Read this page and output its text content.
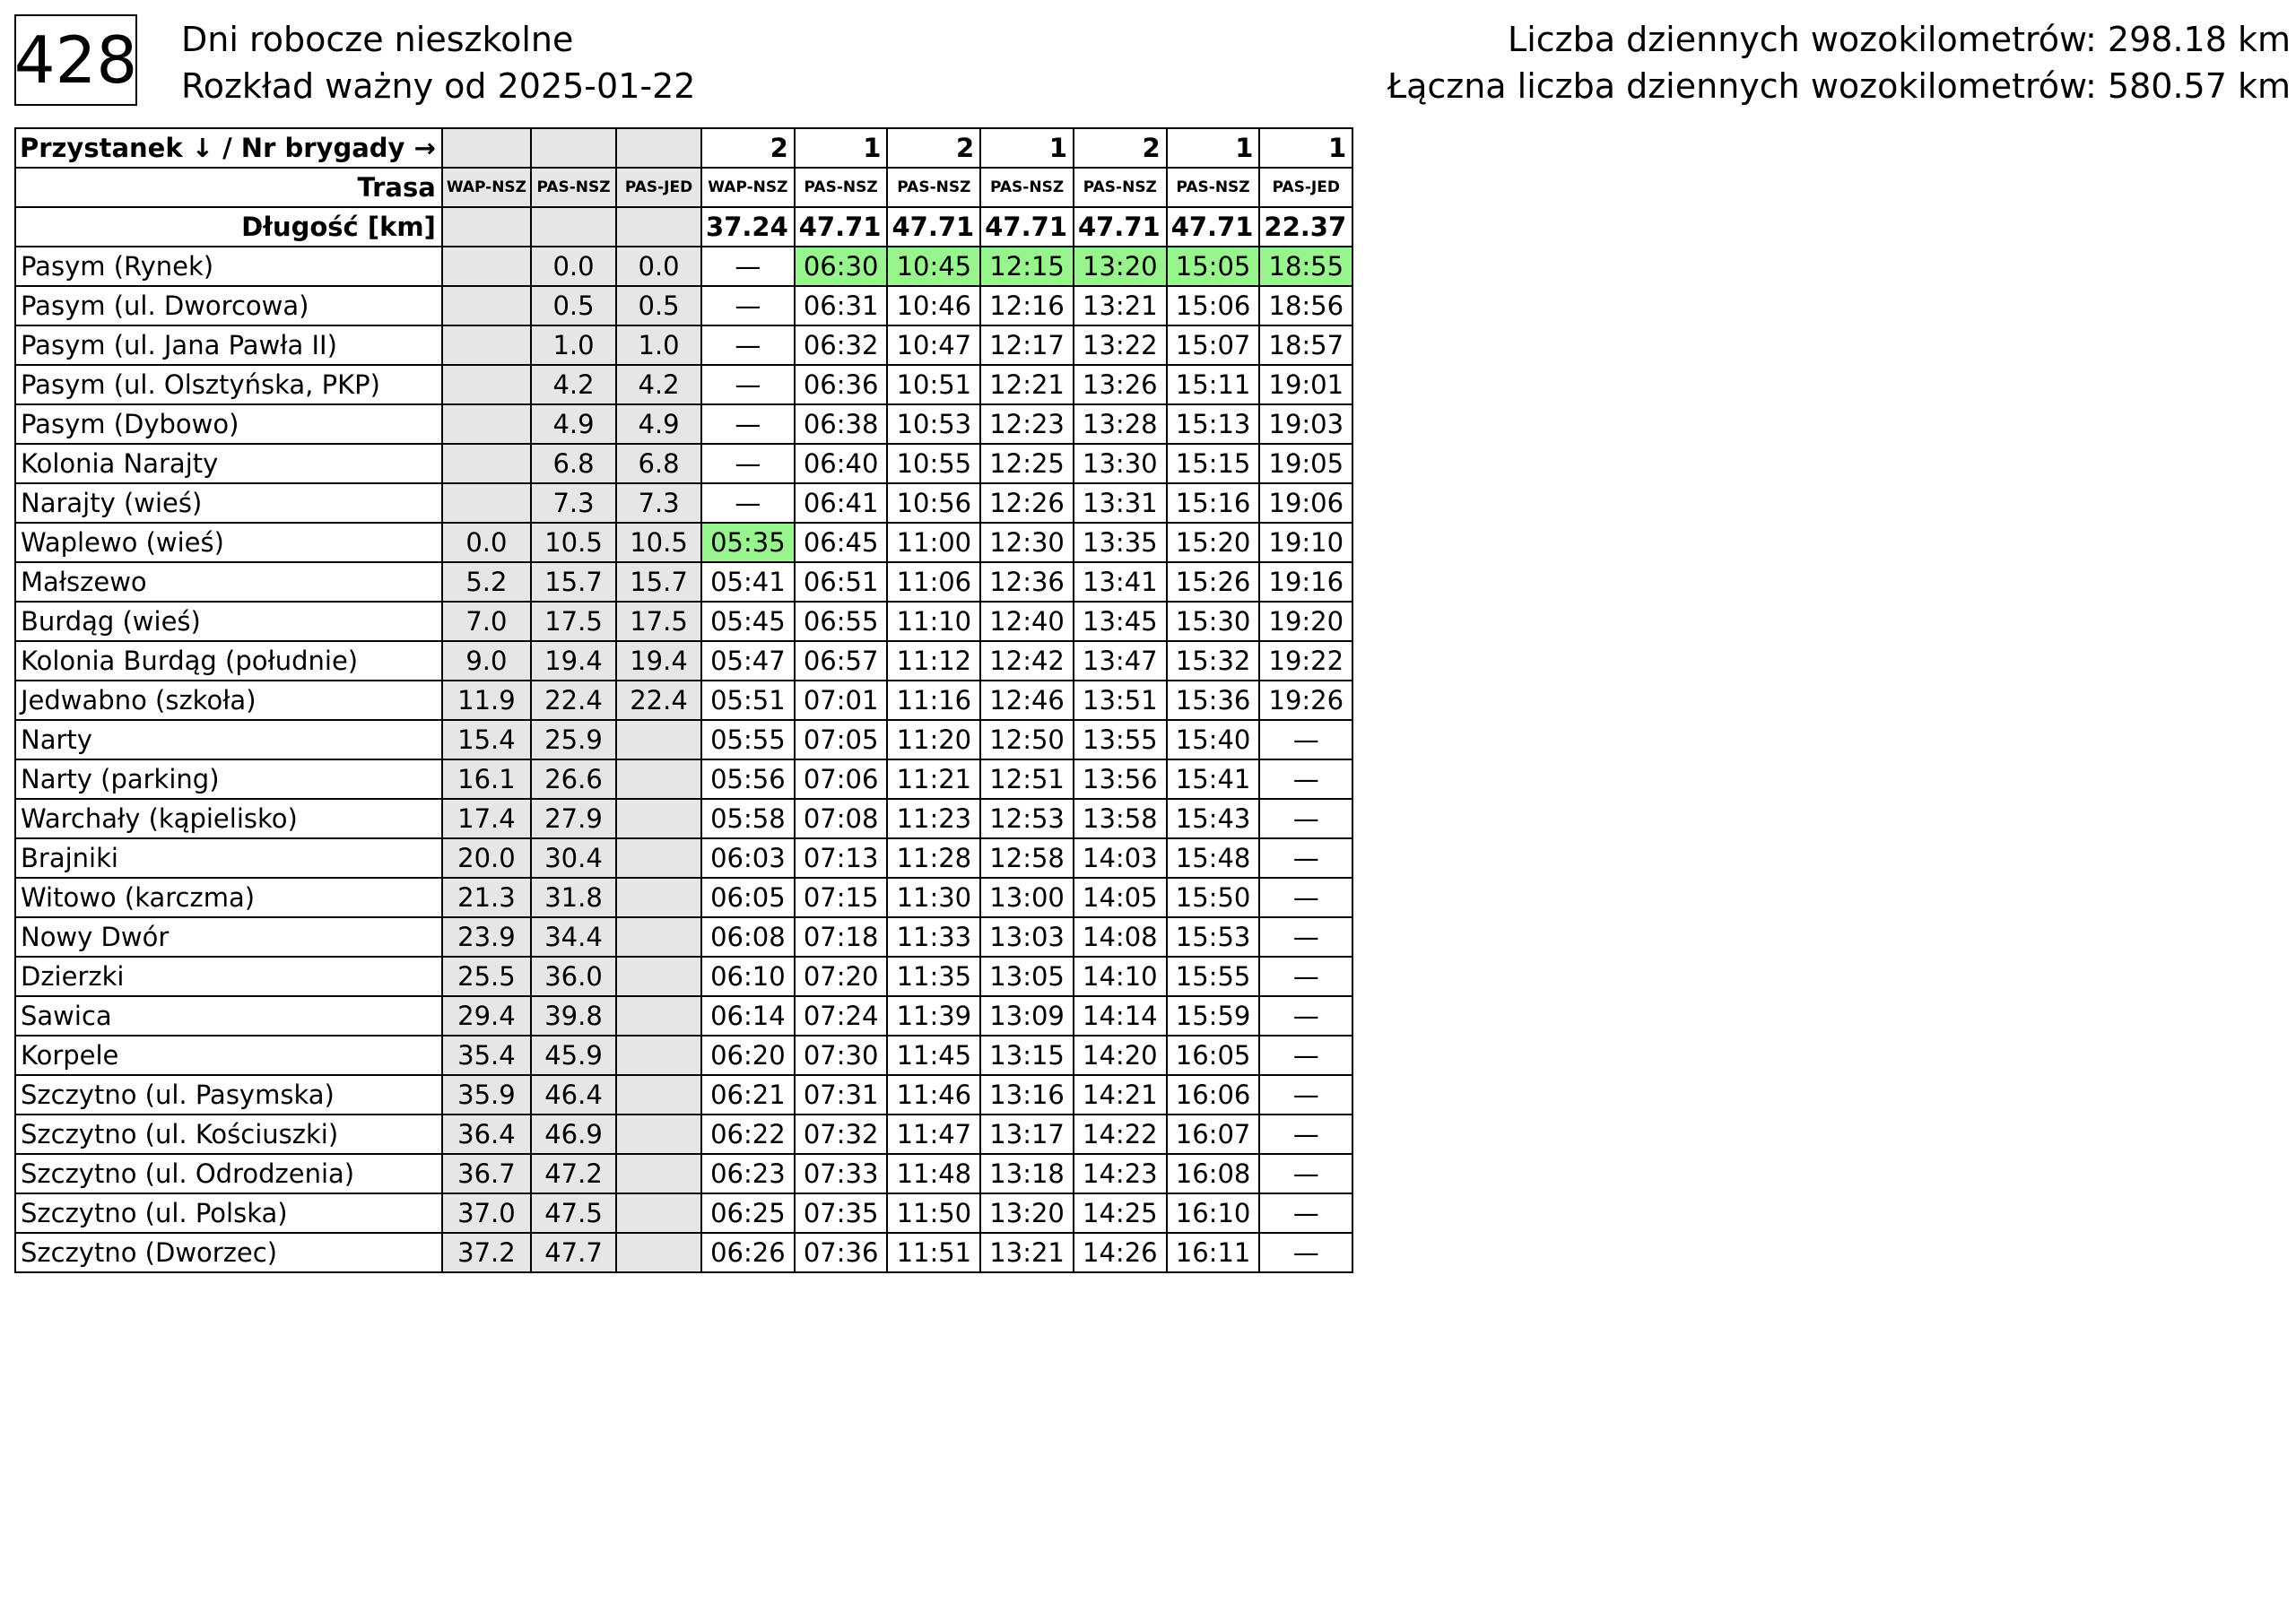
428 Dni robocze nieszkolne
Rozkład ważny od 2025-01-22
Liczba dziennych wozokilometrów: 298.18 km
Łączna liczba dziennych wozokilometrów: 580.57 km
Przystanek ↓ / Nr brygady →				2	1	2	1	2	1	1
Trasa	WAP-NSZ	PAS-NSZ	PAS-JED	WAP-NSZ	PAS-NSZ	PAS-NSZ	PAS-NSZ	PAS-NSZ	PAS-NSZ	PAS-JED
Długość [km]				37.24	47.71	47.71	47.71	47.71	47.71	22.37
Pasym (Rynek)		0.0	0.0	—	06:30	10:45	12:15	13:20	15:05	18:55
Pasym (ul. Dworcowa)		0.5	0.5	—	06:31	10:46	12:16	13:21	15:06	18:56
Pasym (ul. Jana Pawła II)		1.0	1.0	—	06:32	10:47	12:17	13:22	15:07	18:57
Pasym (ul. Olsztyńska, PKP)		4.2	4.2	—	06:36	10:51	12:21	13:26	15:11	19:01
Pasym (Dybowo)		4.9	4.9	—	06:38	10:53	12:23	13:28	15:13	19:03
Kolonia Narajty		6.8	6.8	—	06:40	10:55	12:25	13:30	15:15	19:05
Narajty (wieś)		7.3	7.3	—	06:41	10:56	12:26	13:31	15:16	19:06
Waplewo (wieś)	0.0	10.5	10.5	05:35	06:45	11:00	12:30	13:35	15:20	19:10
Małszewo	5.2	15.7	15.7	05:41	06:51	11:06	12:36	13:41	15:26	19:16
Burdąg (wieś)	7.0	17.5	17.5	05:45	06:55	11:10	12:40	13:45	15:30	19:20
Kolonia Burdąg (południe)	9.0	19.4	19.4	05:47	06:57	11:12	12:42	13:47	15:32	19:22
Jedwabno (szkoła)	11.9	22.4	22.4	05:51	07:01	11:16	12:46	13:51	15:36	19:26
Narty	15.4	25.9		05:55	07:05	11:20	12:50	13:55	15:40	—
Narty (parking)	16.1	26.6		05:56	07:06	11:21	12:51	13:56	15:41	—
Warchały (kąpielisko)	17.4	27.9		05:58	07:08	11:23	12:53	13:58	15:43	—
Brajniki	20.0	30.4		06:03	07:13	11:28	12:58	14:03	15:48	—
Witowo (karczma)	21.3	31.8		06:05	07:15	11:30	13:00	14:05	15:50	—
Nowy Dwór	23.9	34.4		06:08	07:18	11:33	13:03	14:08	15:53	—
Dzierzki	25.5	36.0		06:10	07:20	11:35	13:05	14:10	15:55	—
Sawica	29.4	39.8		06:14	07:24	11:39	13:09	14:14	15:59	—
Korpele	35.4	45.9		06:20	07:30	11:45	13:15	14:20	16:05	—
Szczytno (ul. Pasymska)	35.9	46.4		06:21	07:31	11:46	13:16	14:21	16:06	—
Szczytno (ul. Kościuszki)	36.4	46.9		06:22	07:32	11:47	13:17	14:22	16:07	—
Szczytno (ul. Odrodzenia)	36.7	47.2		06:23	07:33	11:48	13:18	14:23	16:08	—
Szczytno (ul. Polska)	37.0	47.5		06:25	07:35	11:50	13:20	14:25	16:10	—
Szczytno (Dworzec)	37.2	47.7		06:26	07:36	11:51	13:21	14:26	16:11	—
